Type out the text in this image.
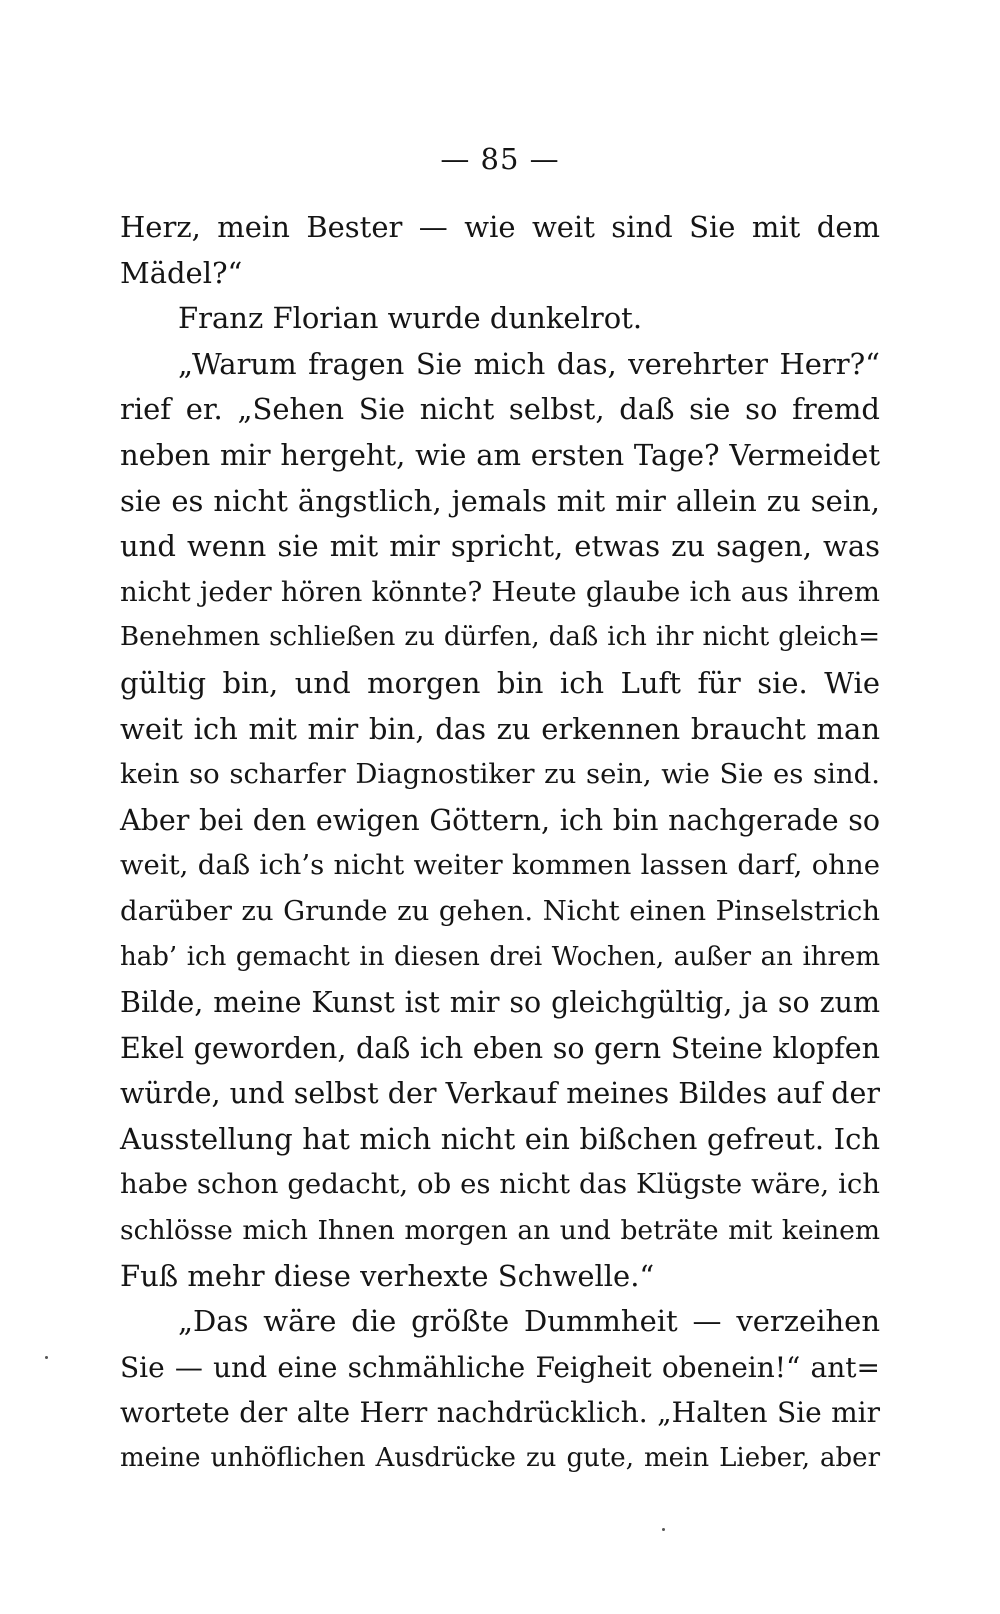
— 85 —
Herz, mein Bester — wie weit sind Sie mit dem
Mädel?“
Franz Florian wurde dunkelrot.
„Warum fragen Sie mich das, verehrter Herr?“
rief er. „Sehen Sie nicht selbst, daß sie so fremd
neben mir hergeht, wie am ersten Tage? Vermeidet
sie es nicht ängstlich, jemals mit mir allein zu sein,
und wenn sie mit mir spricht, etwas zu sagen, was
nicht jeder hören könnte? Heute glaube ich aus ihrem
Benehmen schließen zu dürfen, daß ich ihr nicht gleich=
gültig bin, und morgen bin ich Luft für sie. Wie
weit ich mit mir bin, das zu erkennen braucht man
kein so scharfer Diagnostiker zu sein, wie Sie es sind.
Aber bei den ewigen Göttern, ich bin nachgerade so
weit, daß ich’s nicht weiter kommen lassen darf, ohne
darüber zu Grunde zu gehen. Nicht einen Pinselstrich
hab’ ich gemacht in diesen drei Wochen, außer an ihrem
Bilde, meine Kunst ist mir so gleichgültig, ja so zum
Ekel geworden, daß ich eben so gern Steine klopfen
würde, und selbst der Verkauf meines Bildes auf der
Ausstellung hat mich nicht ein bißchen gefreut. Ich
habe schon gedacht, ob es nicht das Klügste wäre, ich
schlösse mich Ihnen morgen an und beträte mit keinem
Fuß mehr diese verhexte Schwelle.“
„Das wäre die größte Dummheit — verzeihen
Sie — und eine schmähliche Feigheit obenein!“ ant=
wortete der alte Herr nachdrücklich. „Halten Sie mir
meine unhöflichen Ausdrücke zu gute, mein Lieber, aber
